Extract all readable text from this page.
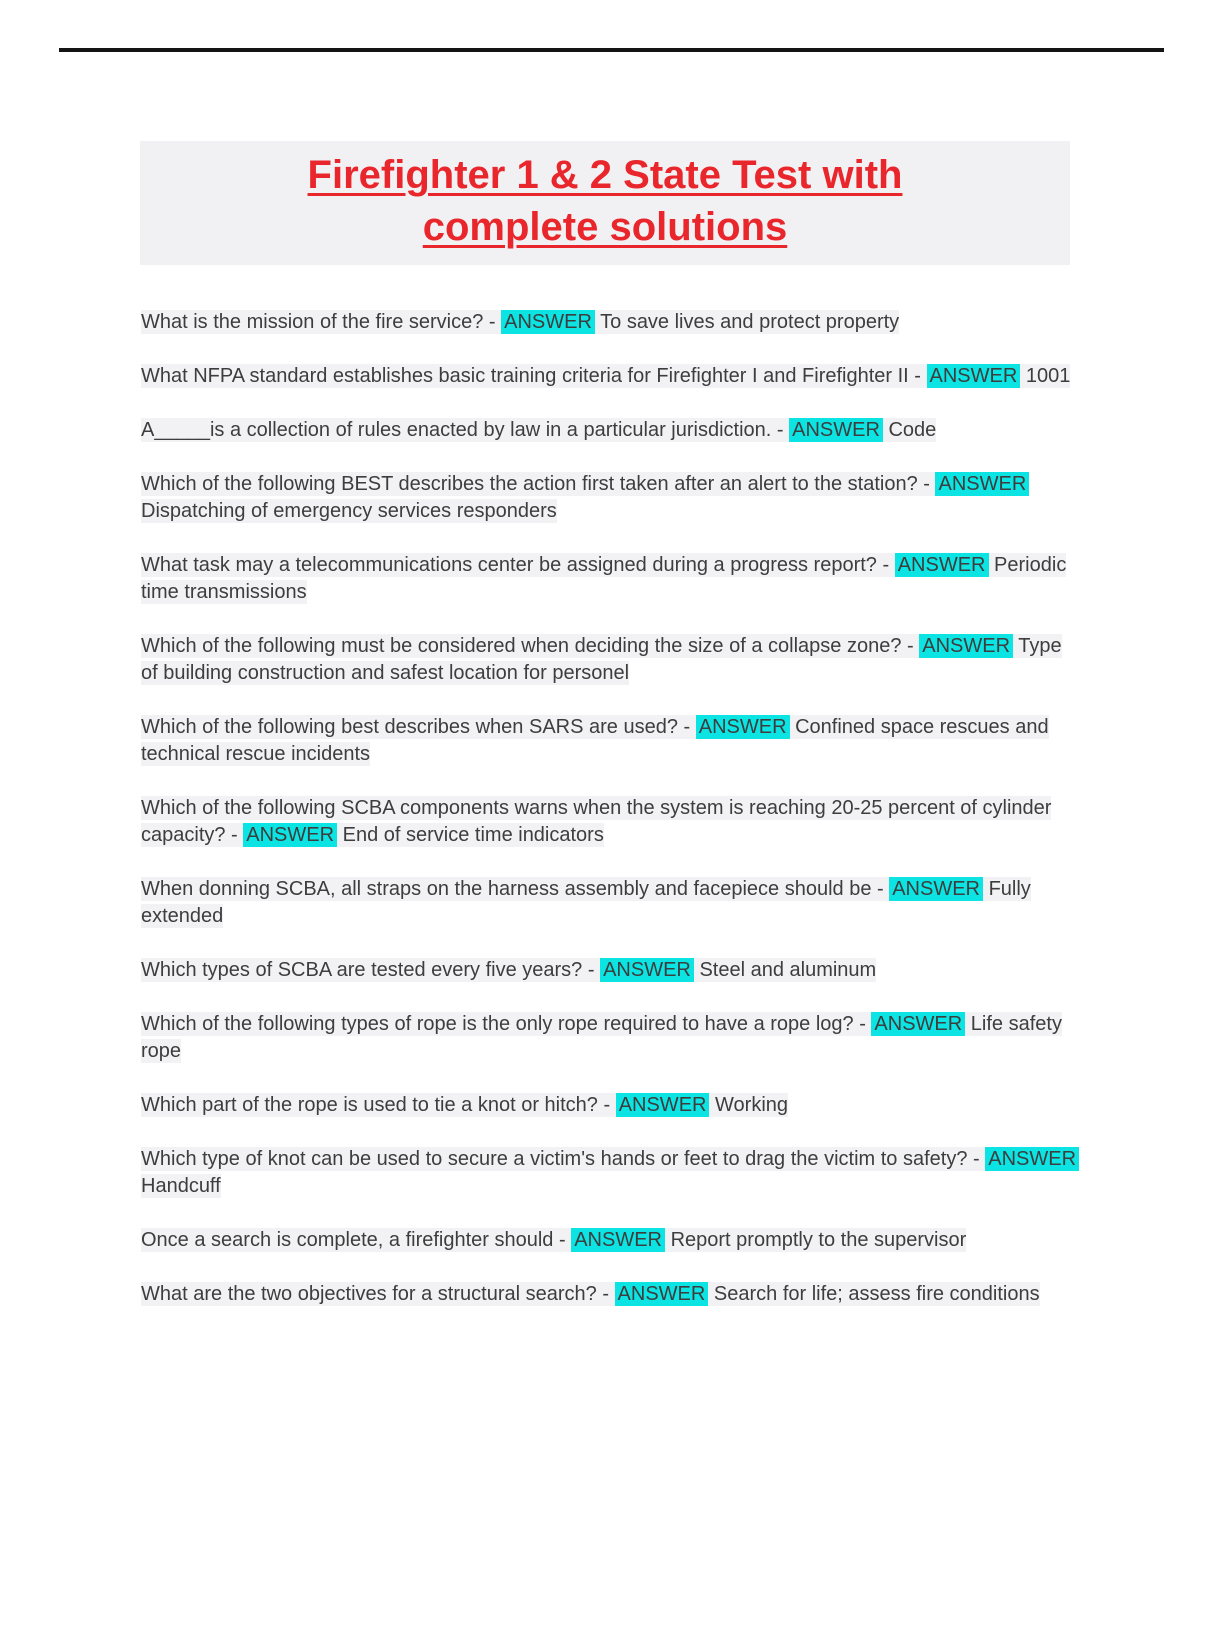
Firefighter 1 & 2 State Test with
complete solutions

What is the mission of the fire service? - ANSWER To save lives and protect property

What NFPA standard establishes basic training criteria for Firefighter I and Firefighter II - ANSWER 1001

A_____is a collection of rules enacted by law in a particular jurisdiction. - ANSWER Code

Which of the following BEST describes the action first taken after an alert to the station? - ANSWER Dispatching of emergency services responders

What task may a telecommunications center be assigned during a progress report? - ANSWER Periodic time transmissions

Which of the following must be considered when deciding the size of a collapse zone? - ANSWER Type of building construction and safest location for personel

Which of the following best describes when SARS are used? - ANSWER Confined space rescues and technical rescue incidents

Which of the following SCBA components warns when the system is reaching 20-25 percent of cylinder capacity? - ANSWER End of service time indicators

When donning SCBA, all straps on the harness assembly and facepiece should be - ANSWER Fully extended

Which types of SCBA are tested every five years? - ANSWER Steel and aluminum

Which of the following types of rope is the only rope required to have a rope log? - ANSWER Life safety rope

Which part of the rope is used to tie a knot or hitch? - ANSWER Working

Which type of knot can be used to secure a victim's hands or feet to drag the victim to safety? - ANSWER Handcuff

Once a search is complete, a firefighter should - ANSWER Report promptly to the supervisor

What are the two objectives for a structural search? - ANSWER Search for life; assess fire conditions
